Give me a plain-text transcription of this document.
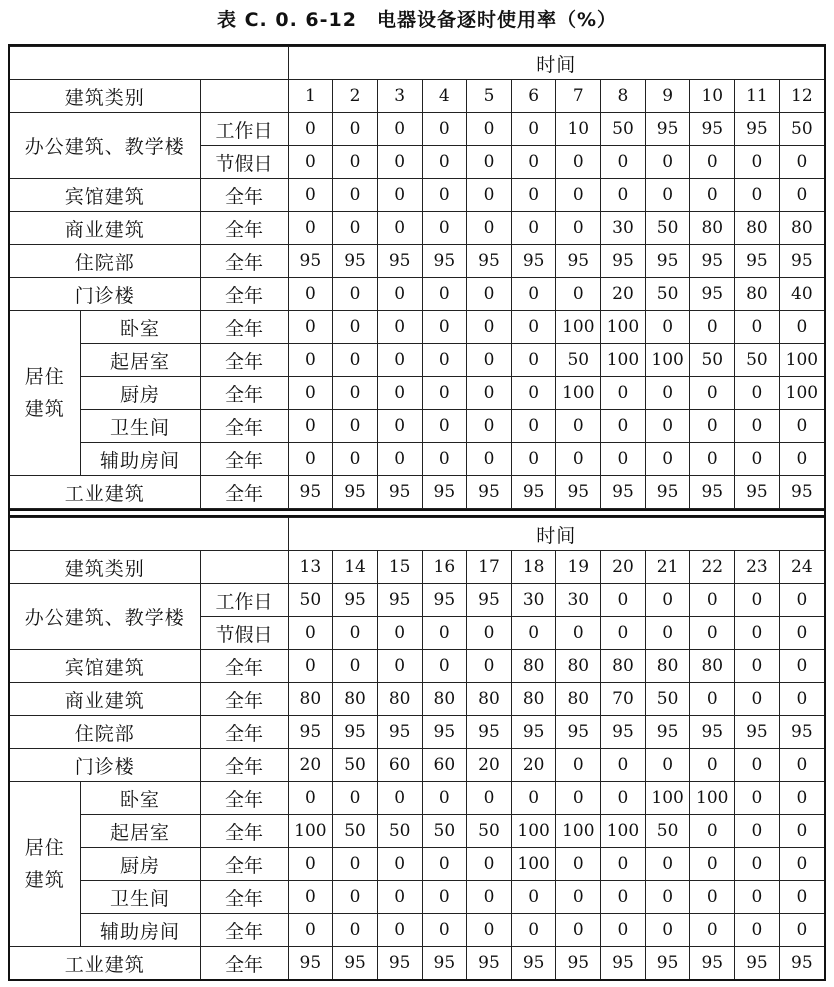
表 C. 0. 6-12　电器设备逐时使用率（%）
			时间											
建筑类别			1	2	3	4	5	6	7	8	9	10	11	12
办公建筑、教学楼		工作日	0	0	0	0	0	0	10	50	95	95	95	50
		节假日	0	0	0	0	0	0	0	0	0	0	0	0
宾馆建筑		全年	0	0	0	0	0	0	0	0	0	0	0	0
商业建筑		全年	0	0	0	0	0	0	0	30	50	80	80	80
住院部		全年	95	95	95	95	95	95	95	95	95	95	95	95
门诊楼		全年	0	0	0	0	0	0	0	20	50	95	80	40
居住建筑	卧室	全年	0	0	0	0	0	0	100	100	0	0	0	0
	起居室	全年	0	0	0	0	0	0	50	100	100	50	50	100
	厨房	全年	0	0	0	0	0	0	100	0	0	0	0	100
	卫生间	全年	0	0	0	0	0	0	0	0	0	0	0	0
	辅助房间	全年	0	0	0	0	0	0	0	0	0	0	0	0
工业建筑		全年	95	95	95	95	95	95	95	95	95	95	95	95
			时间											
建筑类别			13	14	15	16	17	18	19	20	21	22	23	24
办公建筑、教学楼		工作日	50	95	95	95	95	30	30	0	0	0	0	0
		节假日	0	0	0	0	0	0	0	0	0	0	0	0
宾馆建筑		全年	0	0	0	0	0	80	80	80	80	80	0	0
商业建筑		全年	80	80	80	80	80	80	80	70	50	0	0	0
住院部		全年	95	95	95	95	95	95	95	95	95	95	95	95
门诊楼		全年	20	50	60	60	20	20	0	0	0	0	0	0
居住建筑	卧室	全年	0	0	0	0	0	0	0	0	100	100	0	0
	起居室	全年	100	50	50	50	50	100	100	100	50	0	0	0
	厨房	全年	0	0	0	0	0	100	0	0	0	0	0	0
	卫生间	全年	0	0	0	0	0	0	0	0	0	0	0	0
	辅助房间	全年	0	0	0	0	0	0	0	0	0	0	0	0
工业建筑		全年	95	95	95	95	95	95	95	95	95	95	95	95
